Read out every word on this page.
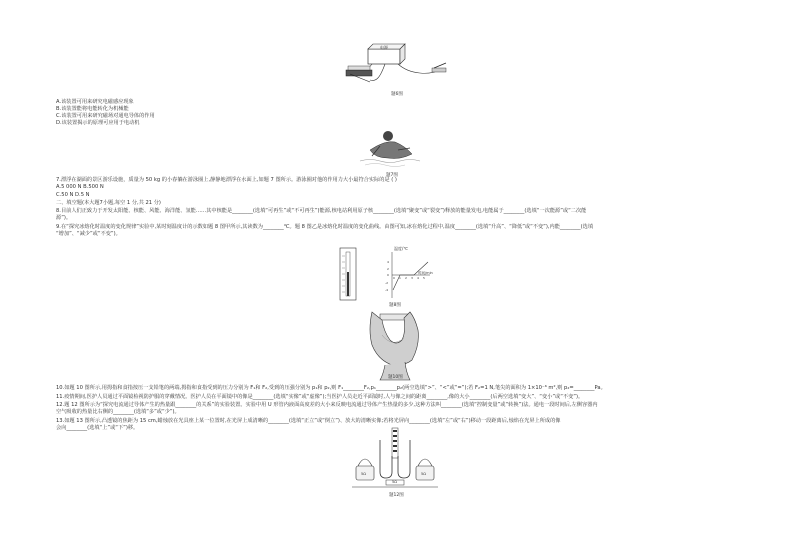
电源
题6图
A.该装置可用来研究电磁感应现象
B.该装置能将电能转化为机械能
C.该装置可用来研究磁场对通电导体的作用
D.该装置揭示的原理可应用于电动机
题7图
7.漂浮在湖面的景区游乐设施，质量为 50 kg 的小春躺在游泳圈上,静静地漂浮在水面上,如题 7 图所示。游泳圈对他的作用力大小最符合实际的是 ( )
A.5 000 N B.500 N
C.50 N D.5 N
二、填空题(本大题7小题,每空 1 分,共 21 分)
8.目前人们正致力于开发太阳能、核能、风能、海洋能、氢能……其中核能是________(选填“可再生”或“不可再生”)能源,核电站利用原子核________(选填“聚变”或“裂变”)释放的能量发电,电能属于________(选填“一次能源”或“二次能
源”)。
9.在“探究冰熔化时温度的变化规律”实验中,某时刻温度计的示数如题 8 图甲所示,其读数为________℃。题 8 图乙是冰熔化时温度的变化曲线。由图可知,冰在熔化过程中,温度________(选填“升高”、“降低”或“不变”),内能________(选填
“增加”、“减少”或“不变”)。
温度/℃
时间/min
0 1 2 3 4 5
4
2
0
-2
-4
题8图
题10图
10.如题 10 图所示,用拇指和食指按压一支铅笔的两端,拇指和食指受到的压力分别为 F₁和 F₂,受到的压强分别为 p₁和 p₂,则 F₁________F₂,p₁________p₂(两空选填“>”、“<”或“=”);若 F₂=1 N,笔尖的面积为 1×10⁻⁶ m²,则 p₂=________Pa。
11.疫情期间,医护人员通过平面镜检视防护服的穿戴情况。医护人员在平面镜中的像是________(选填“实像”或“虚像”);当医护人员走近平面镜时,人与像之间的距离________,像的大小________(后两空选填“变大”、“变小”或“不变”)。
12.题 12 图所示为“探究电流通过导体产生的热量跟________的关系”的实验装置。实验中用 U 形管内液面高度差的大小来反映电流通过导体产生热量的多少,这种方法叫________(选填“控制变量”或“转换”)法。通电一段时间后,左侧容器内
空气吸收的热量比右侧的________(选填“多”或“少”)。
13.如题 13 图所示,凸透镜的焦距为 15 cm,蜡烛放在光具座上某一位置时,在光屏上成清晰的________(选填“正立”或“倒立”)、放大的清晰实像;若将光屏向________(选填“左”或“右”)移动一段距离后,烛焰在光屏上所成的像
会向________(选填“上”或“下”)移。
5Ω
5Ω
5Ω
题12图
